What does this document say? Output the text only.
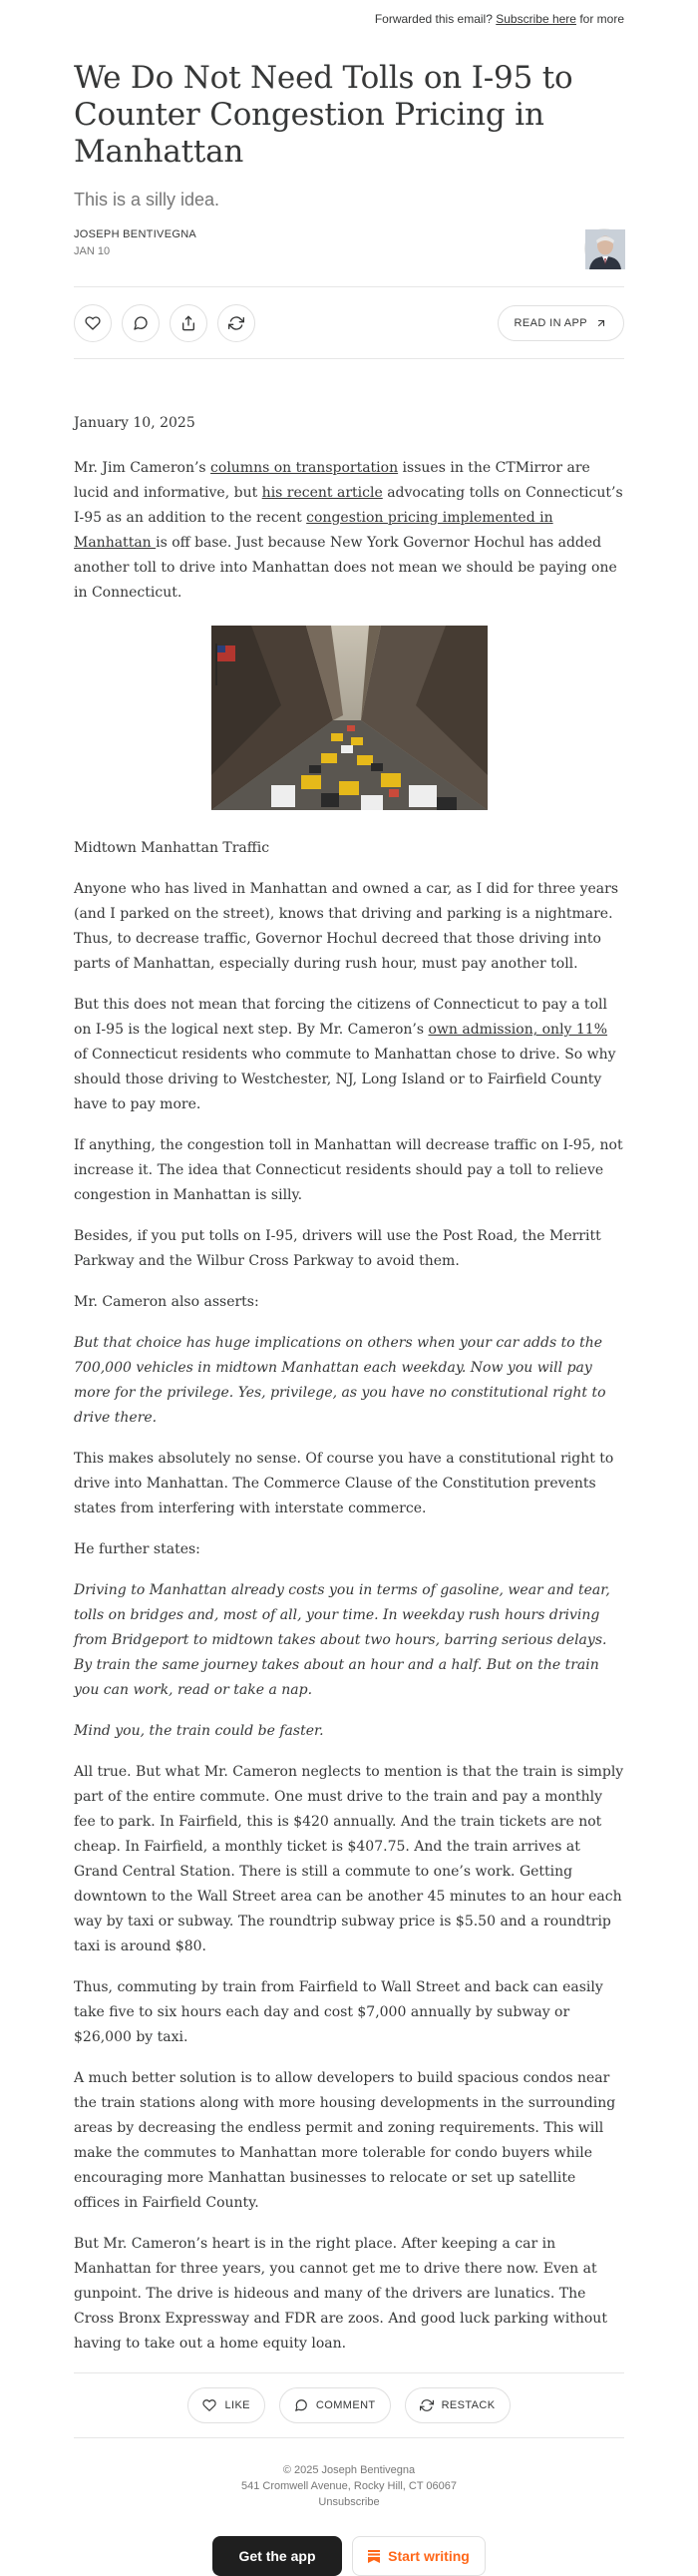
Forwarded this email? Subscribe here for more
We Do Not Need Tolls on I-95 to Counter Congestion Pricing in Manhattan
This is a silly idea.
JOSEPH BENTIVEGNA
JAN 10
READ IN APP

January 10, 2025

Mr. Jim Cameron’s columns on transportation issues in the CTMirror are lucid and informative, but his recent article advocating tolls on Connecticut’s I-95 as an addition to the recent congestion pricing implemented in Manhattan is off base. Just because New York Governor Hochul has added another toll to drive into Manhattan does not mean we should be paying one in Connecticut.

Midtown Manhattan Traffic

Anyone who has lived in Manhattan and owned a car, as I did for three years (and I parked on the street), knows that driving and parking is a nightmare. Thus, to decrease traffic, Governor Hochul decreed that those driving into parts of Manhattan, especially during rush hour, must pay another toll.

But this does not mean that forcing the citizens of Connecticut to pay a toll on I-95 is the logical next step. By Mr. Cameron’s own admission, only 11% of Connecticut residents who commute to Manhattan chose to drive. So why should those driving to Westchester, NJ, Long Island or to Fairfield County have to pay more.

If anything, the congestion toll in Manhattan will decrease traffic on I-95, not increase it. The idea that Connecticut residents should pay a toll to relieve congestion in Manhattan is silly.

Besides, if you put tolls on I-95, drivers will use the Post Road, the Merritt Parkway and the Wilbur Cross Parkway to avoid them.

Mr. Cameron also asserts:

But that choice has huge implications on others when your car adds to the 700,000 vehicles in midtown Manhattan each weekday. Now you will pay more for the privilege. Yes, privilege, as you have no constitutional right to drive there.

This makes absolutely no sense. Of course you have a constitutional right to drive into Manhattan. The Commerce Clause of the Constitution prevents states from interfering with interstate commerce.

He further states:

Driving to Manhattan already costs you in terms of gasoline, wear and tear, tolls on bridges and, most of all, your time. In weekday rush hours driving from Bridgeport to midtown takes about two hours, barring serious delays. By train the same journey takes about an hour and a half. But on the train you can work, read or take a nap.

Mind you, the train could be faster.

All true. But what Mr. Cameron neglects to mention is that the train is simply part of the entire commute. One must drive to the train and pay a monthly fee to park. In Fairfield, this is $420 annually. And the train tickets are not cheap. In Fairfield, a monthly ticket is $407.75. And the train arrives at Grand Central Station. There is still a commute to one’s work. Getting downtown to the Wall Street area can be another 45 minutes to an hour each way by taxi or subway. The roundtrip subway price is $5.50 and a roundtrip taxi is around $80.

Thus, commuting by train from Fairfield to Wall Street and back can easily take five to six hours each day and cost $7,000 annually by subway or $26,000 by taxi.

A much better solution is to allow developers to build spacious condos near the train stations along with more housing developments in the surrounding areas by decreasing the endless permit and zoning requirements. This will make the commutes to Manhattan more tolerable for condo buyers while encouraging more Manhattan businesses to relocate or set up satellite offices in Fairfield County.

But Mr. Cameron’s heart is in the right place. After keeping a car in Manhattan for three years, you cannot get me to drive there now. Even at gunpoint. The drive is hideous and many of the drivers are lunatics. The Cross Bronx Expressway and FDR are zoos. And good luck parking without having to take out a home equity loan.

LIKE	COMMENT	RESTACK
© 2025 Joseph Bentivegna
541 Cromwell Avenue, Rocky Hill, CT 06067
Unsubscribe
Get the app	Start writing
